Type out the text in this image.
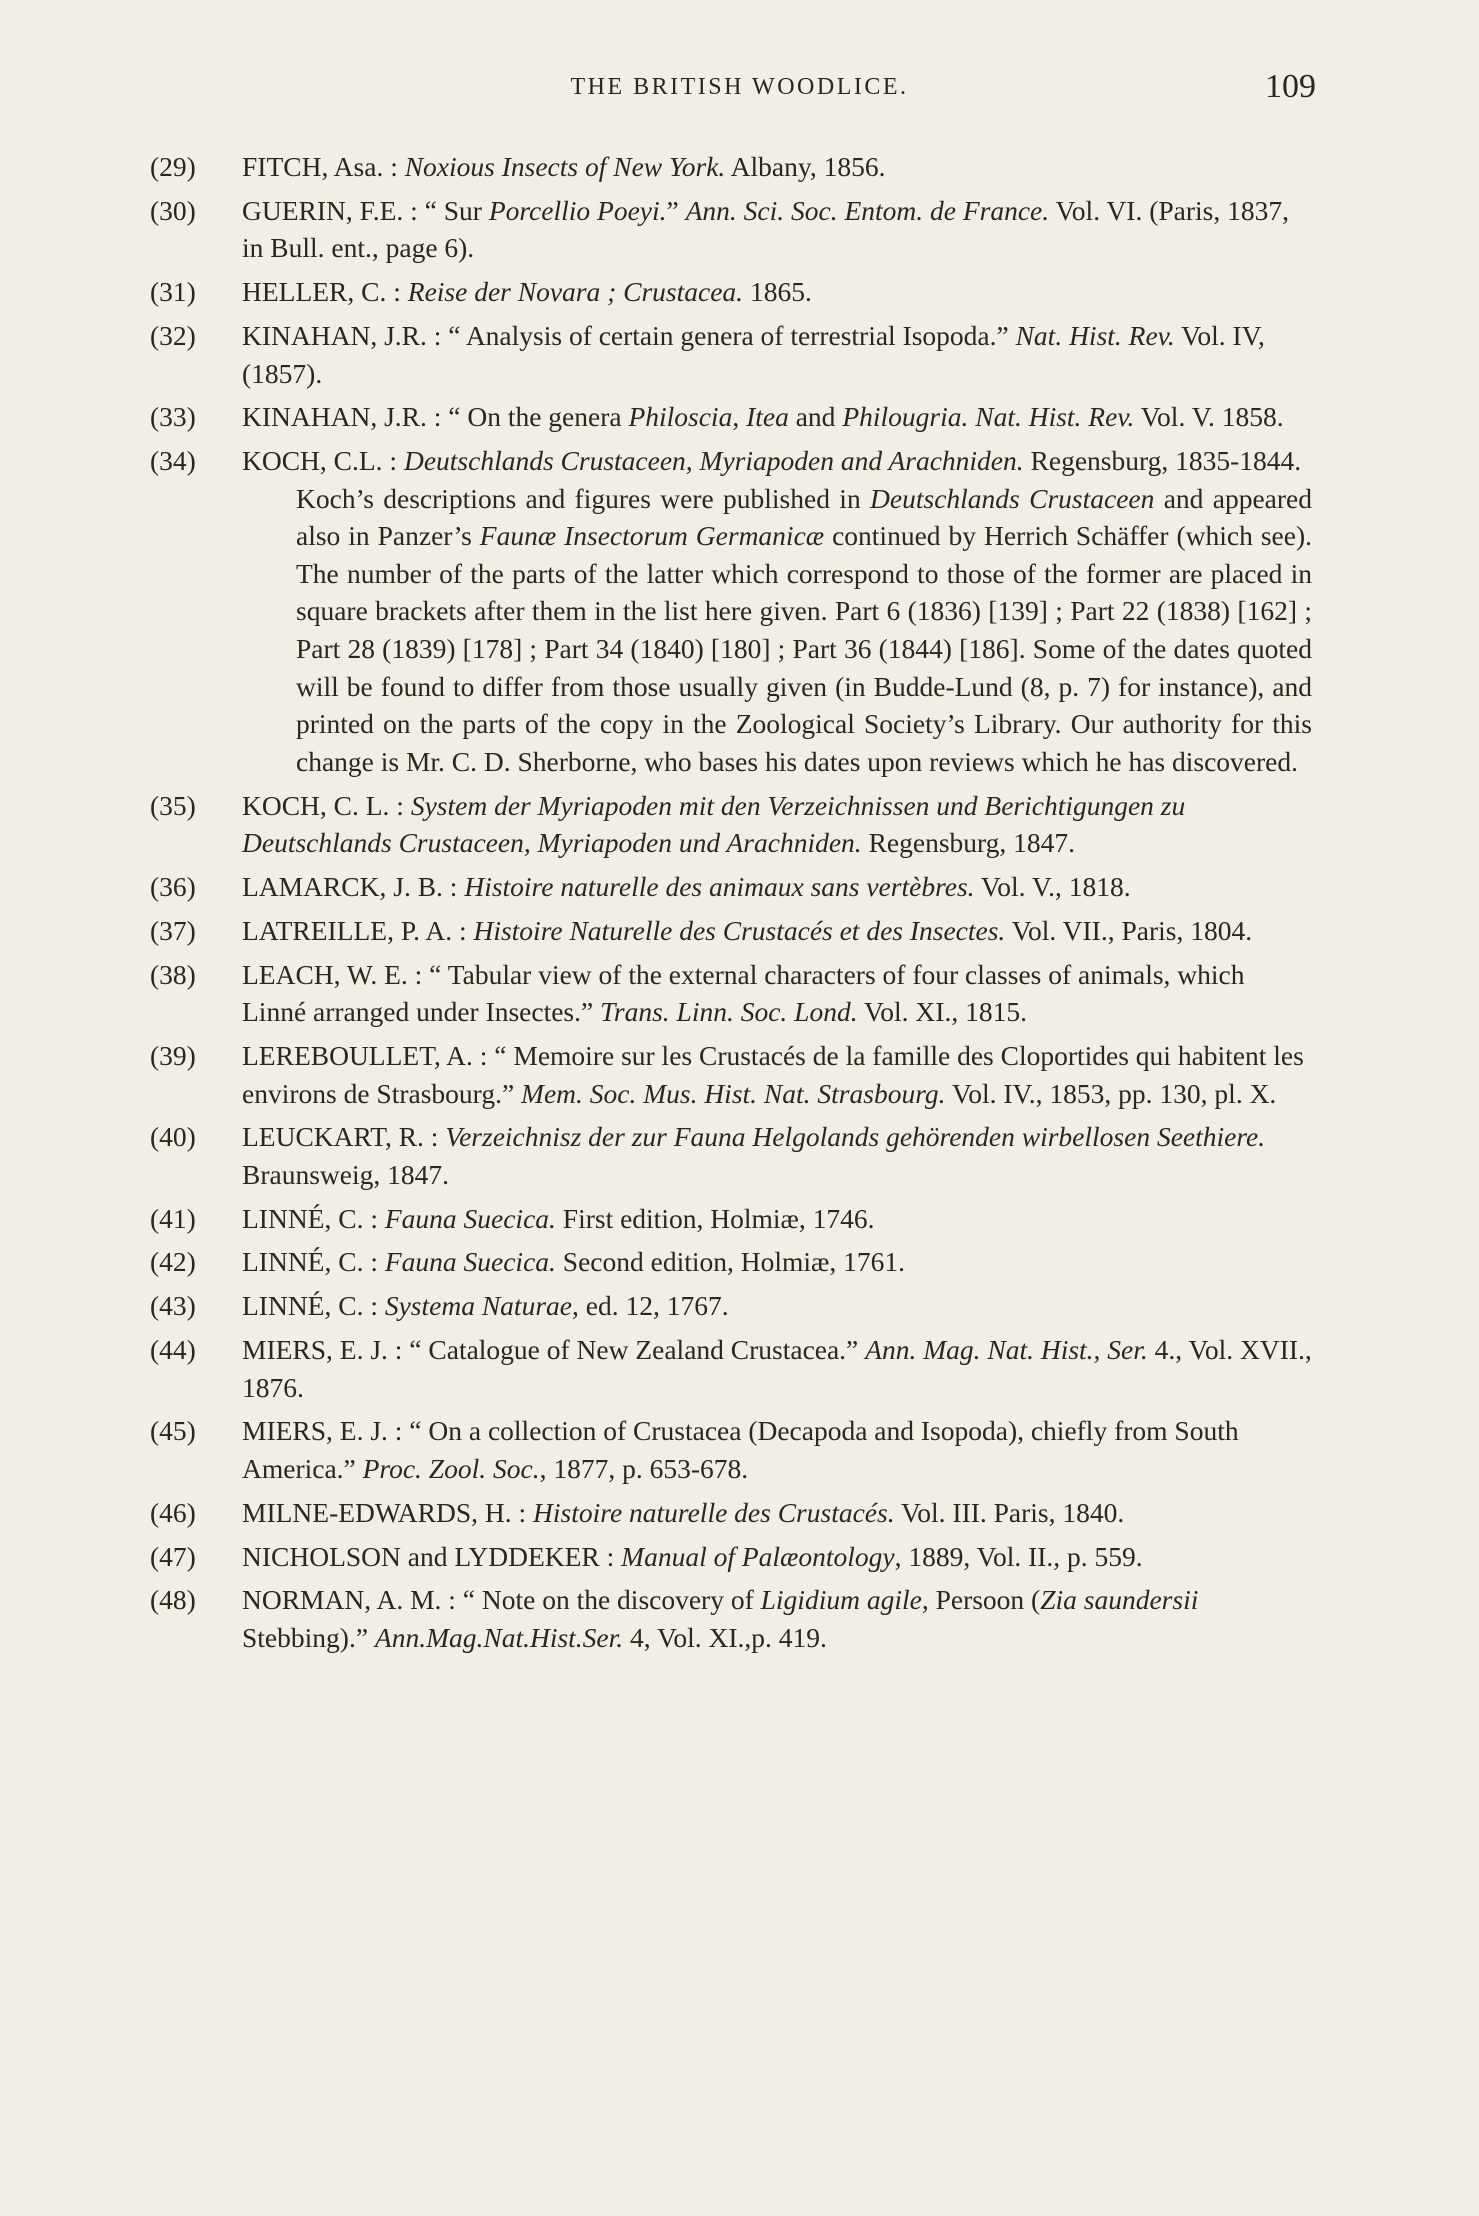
THE BRITISH WOODLICE.	109
(29) FITCH, Asa. : Noxious Insects of New York. Albany, 1856.
(30) GUERIN, F.E. : “ Sur Porcellio Poeyi.” Ann. Sci. Soc. Entom. de France. Vol. VI. (Paris, 1837, in Bull. ent., page 6).
(31) HELLER, C. : Reise der Novara ; Crustacea. 1865.
(32) KINAHAN, J.R. : “ Analysis of certain genera of terrestrial Isopoda.” Nat. Hist. Rev. Vol. IV, (1857).
(33) KINAHAN, J.R. : “ On the genera Philoscia, Itea and Philougria. Nat. Hist. Rev. Vol. V. 1858.
(34) KOCH, C.L. : Deutschlands Crustaceen, Myriapoden and Arachniden. Regensburg, 1835-1844.
Koch’s descriptions and figures were published in Deutschlands Crustaceen and appeared also in Panzer’s Faunæ Insectorum Germanicæ continued by Herrich Schäffer (which see). The number of the parts of the latter which correspond to those of the former are placed in square brackets after them in the list here given. Part 6 (1836) [139] ; Part 22 (1838) [162] ; Part 28 (1839) [178] ; Part 34 (1840) [180] ; Part 36 (1844) [186]. Some of the dates quoted will be found to differ from those usually given (in Budde-Lund (8, p. 7) for instance), and printed on the parts of the copy in the Zoological Society’s Library. Our authority for this change is Mr. C. D. Sherborne, who bases his dates upon reviews which he has discovered.
(35) KOCH, C. L. : System der Myriapoden mit den Verzeichnissen und Berichtigungen zu Deutschlands Crustaceen, Myriapoden und Arachniden. Regensburg, 1847.
(36) LAMARCK, J. B. : Histoire naturelle des animaux sans vertèbres. Vol. V., 1818.
(37) LATREILLE, P. A. : Histoire Naturelle des Crustacés et des Insectes. Vol. VII., Paris, 1804.
(38) LEACH, W. E. : “ Tabular view of the external characters of four classes of animals, which Linné arranged under Insectes.” Trans. Linn. Soc. Lond. Vol. XI., 1815.
(39) LEREBOULLET, A. : “ Memoire sur les Crustacés de la famille des Cloportides qui habitent les environs de Strasbourg.” Mem. Soc. Mus. Hist. Nat. Strasbourg. Vol. IV., 1853, pp. 130, pl. X.
(40) LEUCKART, R. : Verzeichnisz der zur Fauna Helgolands gehörenden wirbellosen Seethiere. Braunsweig, 1847.
(41) LINNÉ, C. : Fauna Suecica. First edition, Holmiæ, 1746.
(42) LINNÉ, C. : Fauna Suecica. Second edition, Holmiæ, 1761.
(43) LINNÉ, C. : Systema Naturae, ed. 12, 1767.
(44) MIERS, E. J. : “ Catalogue of New Zealand Crustacea.” Ann. Mag. Nat. Hist., Ser. 4., Vol. XVII., 1876.
(45) MIERS, E. J. : “ On a collection of Crustacea (Decapoda and Isopoda), chiefly from South America.” Proc. Zool. Soc., 1877, p. 653-678.
(46) MILNE-EDWARDS, H. : Histoire naturelle des Crustacés. Vol. III. Paris, 1840.
(47) NICHOLSON and LYDDEKER : Manual of Palæontology, 1889, Vol. II., p. 559.
(48) NORMAN, A. M. : “ Note on the discovery of Ligidium agile, Persoon (Zia saundersii Stebbing).” Ann.Mag.Nat.Hist.Ser. 4, Vol. XI.,p. 419.
